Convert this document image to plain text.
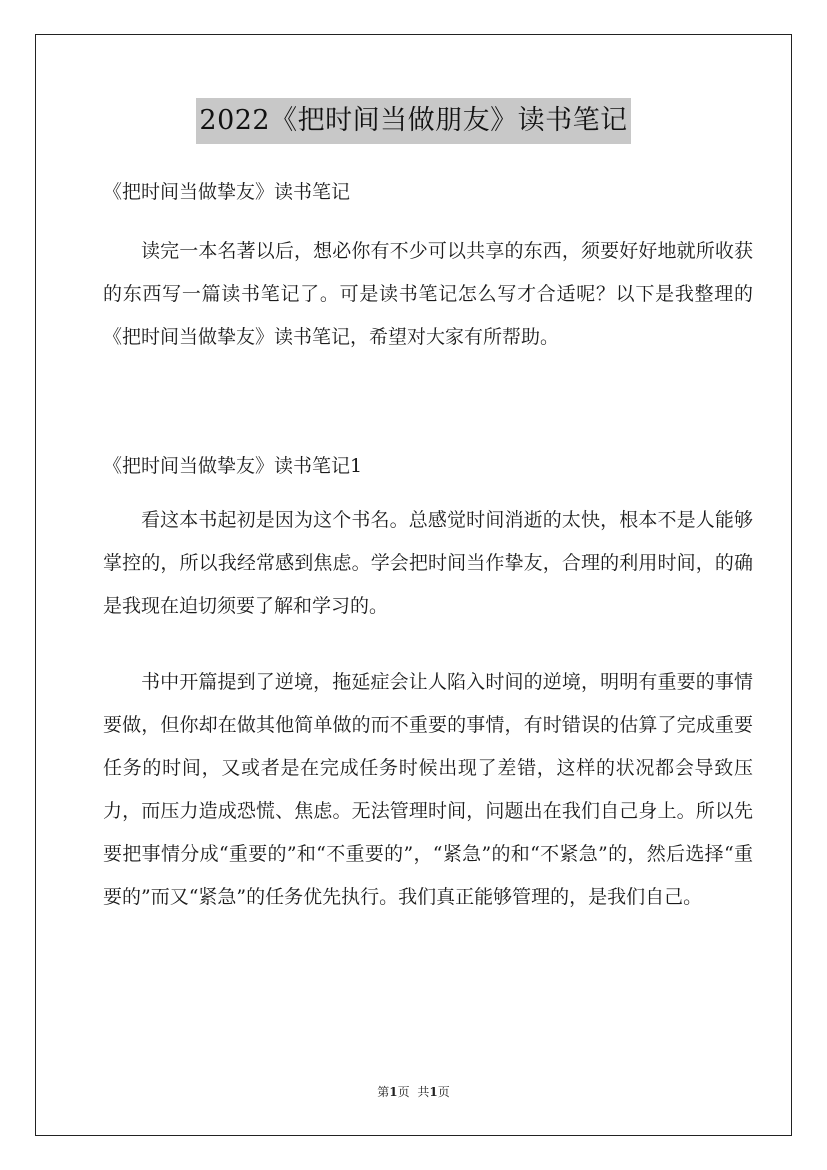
2022《把时间当做朋友》读书笔记
《把时间当做挚友》读书笔记

读完一本名著以后，想必你有不少可以共享的东西，须要好好地就所收获的东西写一篇读书笔记了。可是读书笔记怎么写才合适呢？以下是我整理的《把时间当做挚友》读书笔记，希望对大家有所帮助。

《把时间当做挚友》读书笔记1

看这本书起初是因为这个书名。总感觉时间消逝的太快，根本不是人能够掌控的，所以我经常感到焦虑。学会把时间当作挚友，合理的利用时间，的确是我现在迫切须要了解和学习的。

书中开篇提到了逆境，拖延症会让人陷入时间的逆境，明明有重要的事情要做，但你却在做其他简单做的而不重要的事情，有时错误的估算了完成重要任务的时间，又或者是在完成任务时候出现了差错，这样的状况都会导致压力，而压力造成恐慌、焦虑。无法管理时间，问题出在我们自己身上。所以先要把事情分成“重要的”和“不重要的”，“紧急”的和“不紧急”的，然后选择“重要的”而又“紧急”的任务优先执行。我们真正能够管理的，是我们自己。

第1页 共1页
